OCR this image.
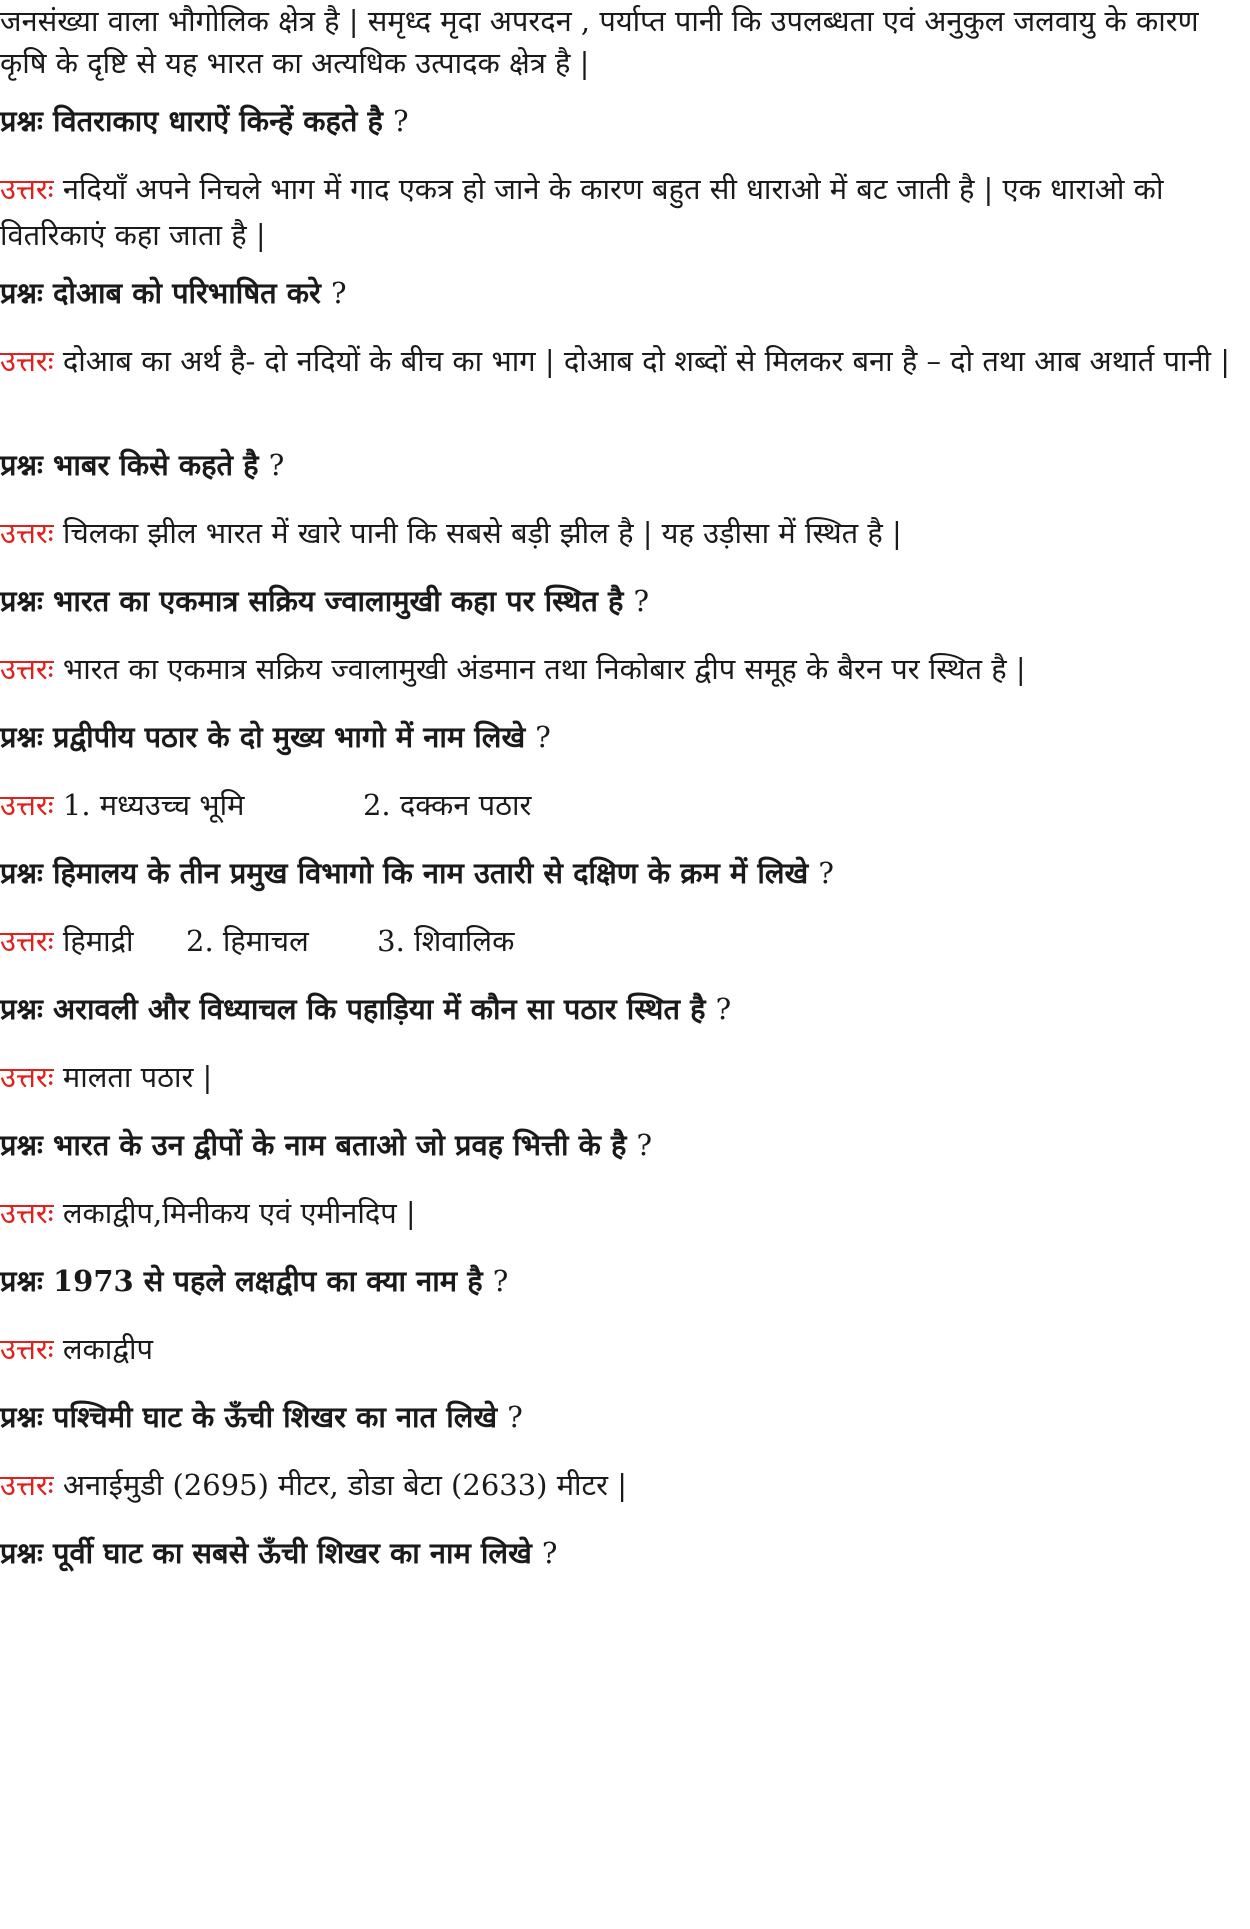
जनसंख्या वाला भौगोलिक क्षेत्र है | समृध्द मृदा अपरदन , पर्याप्त पानी कि उपलब्धता एवं अनुकुल जलवायु के कारण कृषि के दृष्टि से यह भारत का अत्यधिक उत्पादक क्षेत्र है |

प्रश्नः वितराकाए धाराऐं किन्हें कहते है ?

उत्तरः नदियाँ अपने निचले भाग में गाद एकत्र हो जाने के कारण बहुत सी धाराओ में बट जाती है | एक धाराओ को वितरिकाएं कहा जाता है |

प्रश्नः दोआब को परिभाषित करे ?

उत्तरः दोआब का अर्थ है- दो नदियों के बीच का भाग | दोआब दो शब्दों से मिलकर बना है – दो तथा आब अथार्त पानी |

प्रश्नः भाबर किसे कहते है ?

उत्तरः चिलका झील भारत में खारे पानी कि सबसे बड़ी झील है | यह उड़ीसा में स्थित है |

प्रश्नः भारत का एकमात्र सक्रिय ज्वालामुखी कहा पर स्थित है ?

उत्तरः भारत का एकमात्र सक्रिय ज्वालामुखी अंडमान तथा निकोबार द्वीप समूह के बैरन पर स्थित है |

प्रश्नः प्रद्वीपीय पठार के दो मुख्य भागो में नाम लिखे ?

उत्तरः 1. मध्यउच्च भूमि	2. दक्कन पठार

प्रश्नः हिमालय के तीन प्रमुख विभागो कि नाम उतारी से दक्षिण के क्रम में लिखे ?

उत्तरः हिमाद्री 2. हिमाचल 3. शिवालिक

प्रश्नः अरावली और विध्याचल कि पहाड़िया में कौन सा पठार स्थित है ?

उत्तरः मालता पठार |

प्रश्नः भारत के उन द्वीपों के नाम बताओ जो प्रवह भित्ती के है ?

उत्तरः लकाद्वीप,मिनीकय एवं एमीनदिप |

प्रश्नः 1973 से पहले लक्षद्वीप का क्या नाम है ?

उत्तरः लकाद्वीप

प्रश्नः पश्चिमी घाट के ऊँची शिखर का नात लिखे ?

उत्तरः अनाईमुडी (2695) मीटर, डोडा बेटा (2633) मीटर |

प्रश्नः पूर्वी घाट का सबसे ऊँची शिखर का नाम लिखे ?
